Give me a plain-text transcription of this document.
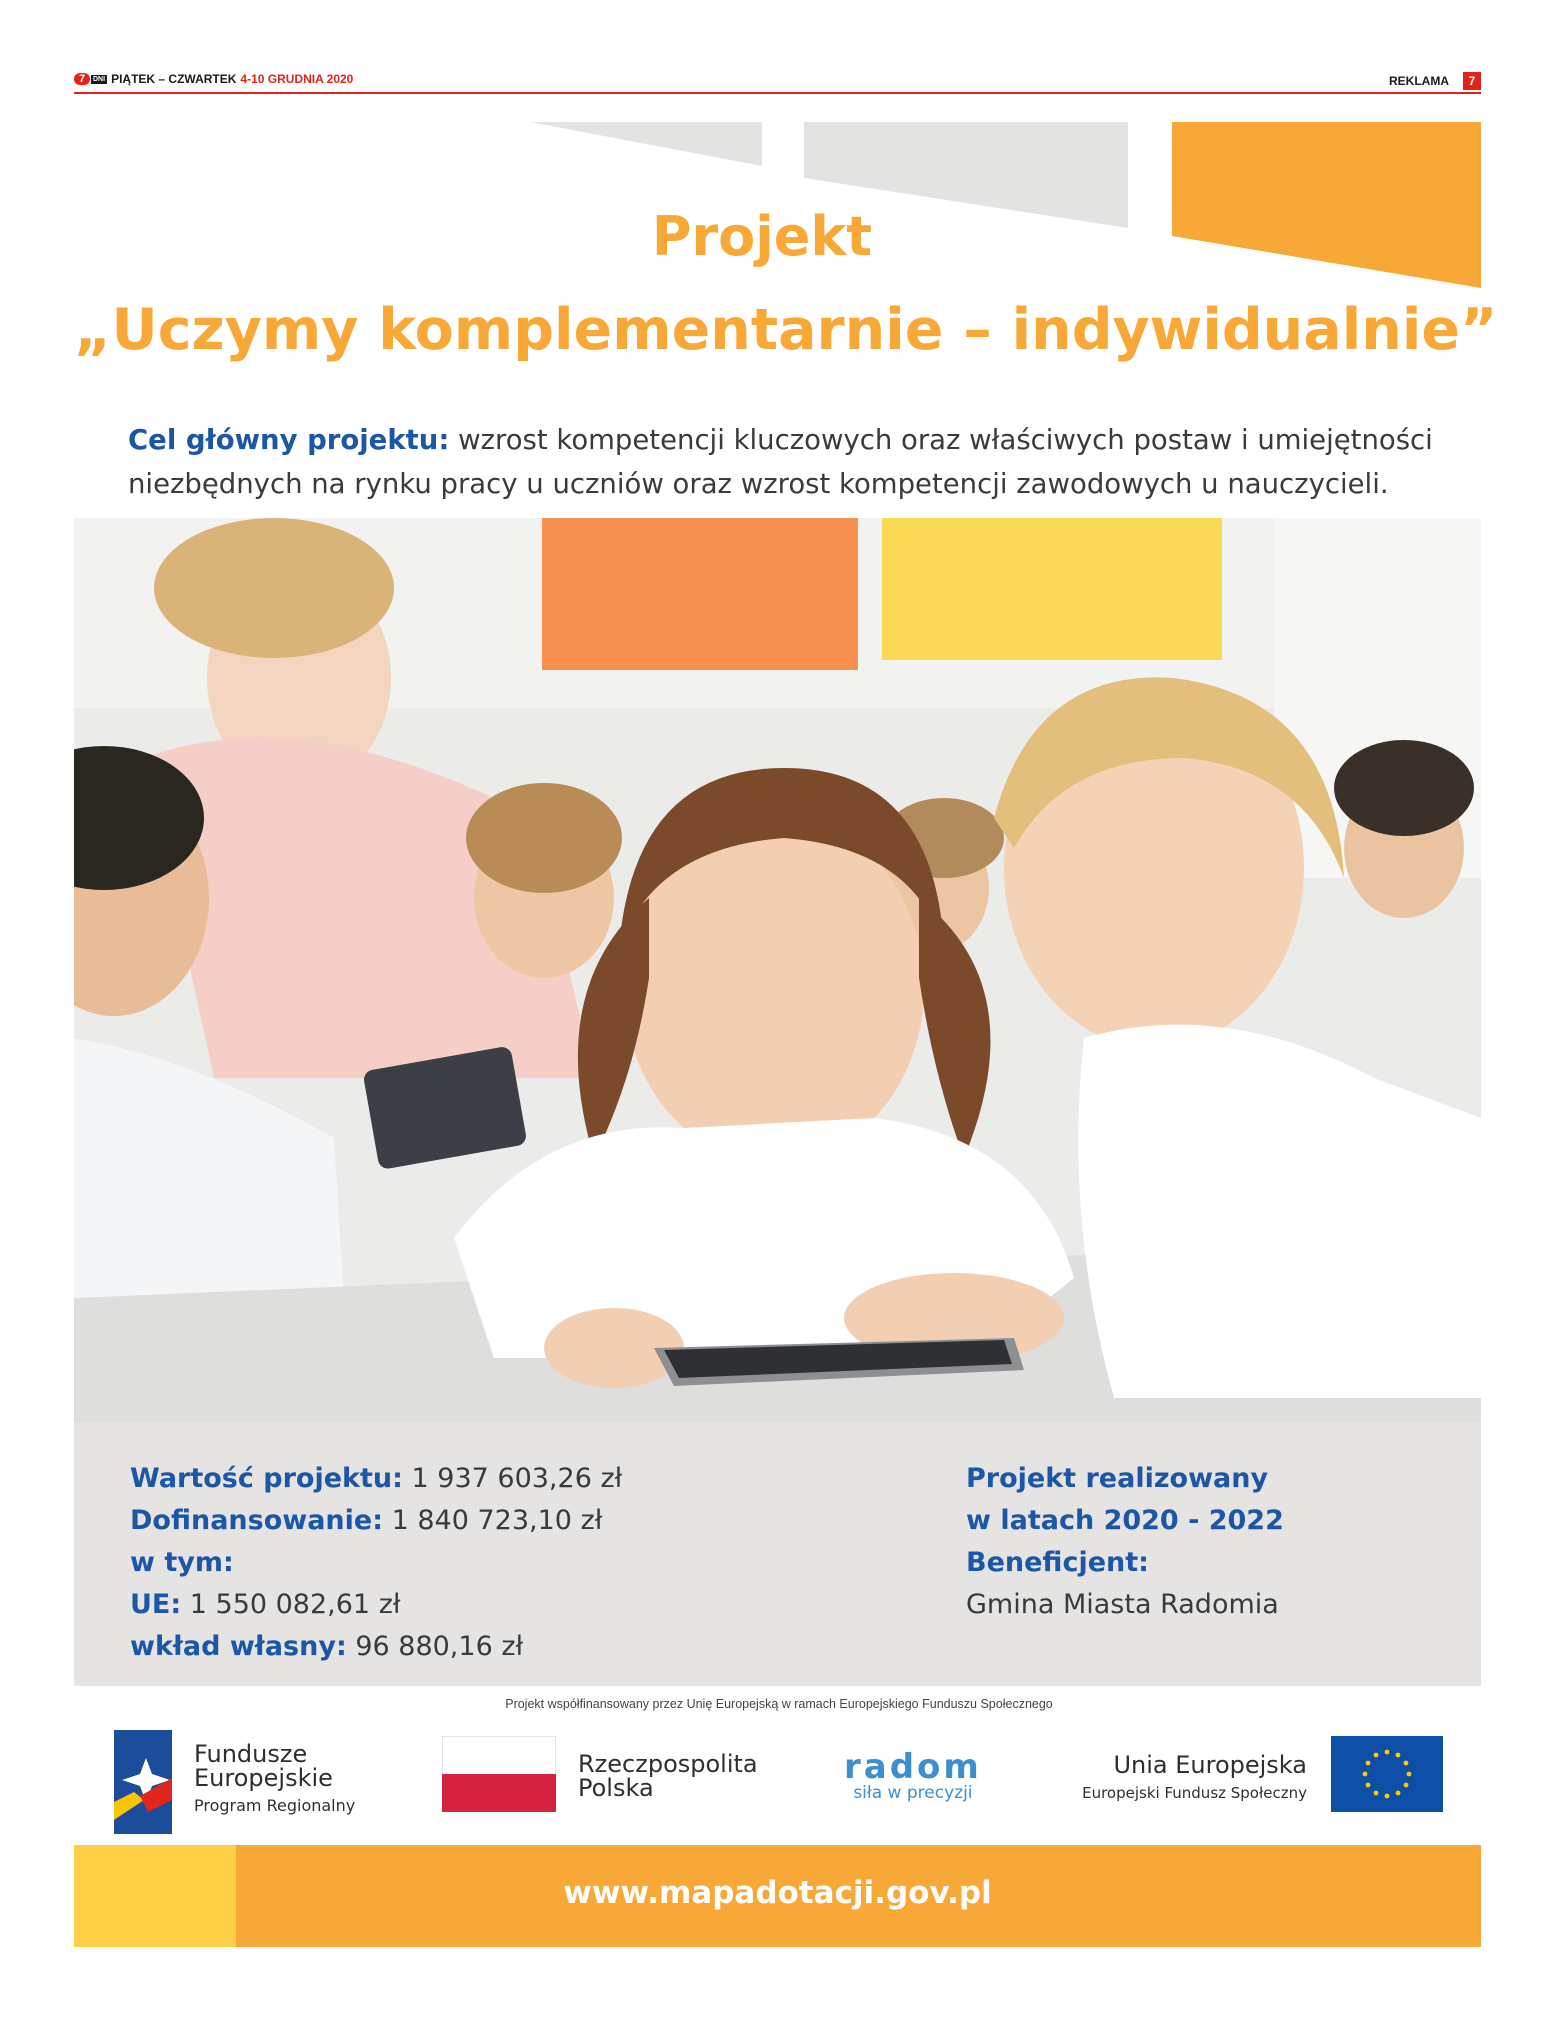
7	DNI PIĄTEK – CZWARTEK 4-10 GRUDNIA 2020	REKLAMA	7
Projekt
„Uczymy komplementarnie – indywidualnie”
Cel główny projektu: wzrost kompetencji kluczowych oraz właściwych postaw i umiejętności niezbędnych na rynku pracy u uczniów oraz wzrost kompetencji zawodowych u nauczycieli.
Wartość projektu: 1 937 603,26 zł
Dofinansowanie: 1 840 723,10 zł
w tym:
UE: 1 550 082,61 zł
wkład własny: 96 880,16 zł
Projekt realizowany
w latach 2020 - 2022
Beneficjent:
Gmina Miasta Radomia
Projekt współfinansowany przez Unię Europejską w ramach Europejskiego Funduszu Społecznego
Fundusze
Europejskie
Program Regionalny
Rzeczpospolita
Polska
radom
siła w precyzji
Unia Europejska
Europejski Fundusz Społeczny
www.mapadotacji.gov.pl
